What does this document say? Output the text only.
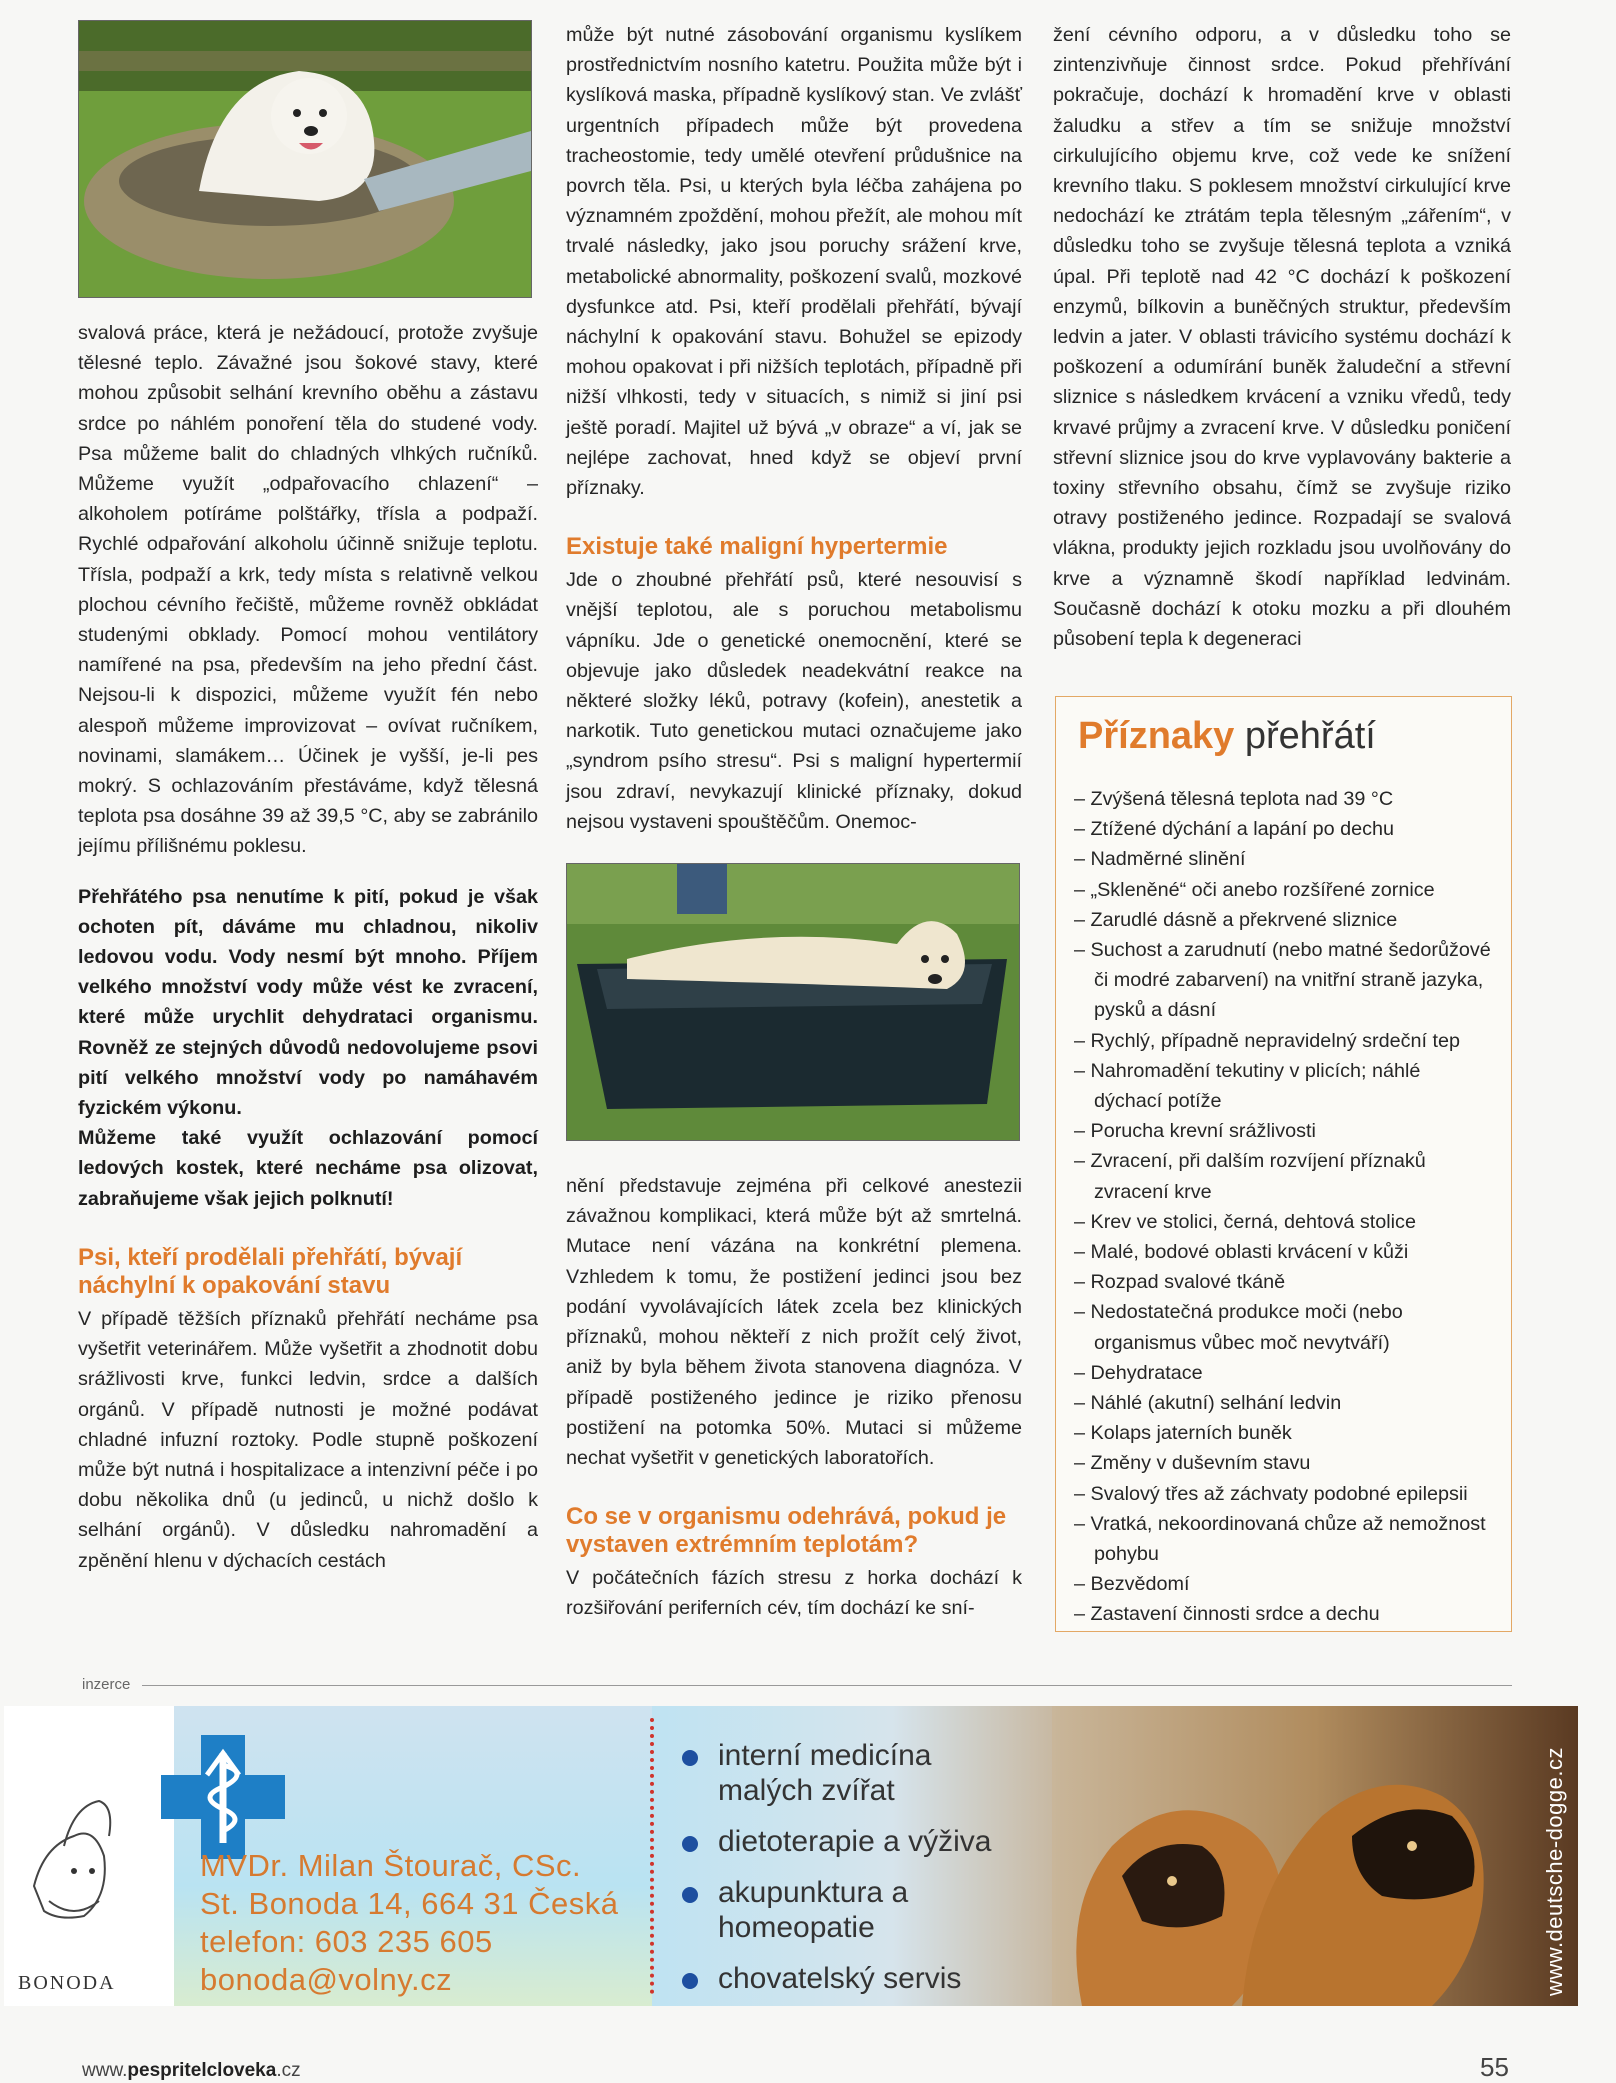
svalová práce, která je nežádoucí, protože zvyšuje tělesné teplo. Závažné jsou šokové stavy, které mohou způsobit selhání krevního oběhu a zástavu srdce po náhlém ponoření těla do studené vody. Psa můžeme balit do chladných vlhkých ručníků. Můžeme využít „odpařovacího chlazení“ – alkoholem potíráme polštářky, třísla a podpaží. Rychlé odpařování alkoholu účinně snižuje teplotu. Třísla, podpaží a krk, tedy místa s relativně velkou plochou cévního řečiště, můžeme rovněž obkládat studenými obklady. Pomocí mohou ventilátory namířené na psa, především na jeho přední část. Nejsou-li k dispozici, můžeme využít fén nebo alespoň můžeme improvizovat – ovívat ručníkem, novinami, slamákem… Účinek je vyšší, je-li pes mokrý. S ochlazováním přestáváme, když tělesná teplota psa dosáhne 39 až 39,5 °C, aby se zabránilo jejímu přílišnému poklesu.

Přehřátého psa nenutíme k pití, pokud je však ochoten pít, dáváme mu chladnou, nikoliv ledovou vodu. Vody nesmí být mnoho. Příjem velkého množství vody může vést ke zvracení, které může urychlit dehydrataci organismu. Rovněž ze stejných důvodů nedovolujeme psovi pití velkého množství vody po namáhavém fyzickém výkonu.

Můžeme také využít ochlazování pomocí ledových kostek, které necháme psa olizovat, zabraňujeme však jejich polknutí!

Psi, kteří prodělali přehřátí, bývají náchylní k opakování stavu

V případě těžších příznaků přehřátí necháme psa vyšetřit veterinářem. Může vyšetřit a zhodnotit dobu srážlivosti krve, funkci ledvin, srdce a dalších orgánů. V případě nutnosti je možné podávat chladné infuzní roztoky. Podle stupně poškození může být nutná i hospitalizace a intenzivní péče i po dobu několika dnů (u jedinců, u nichž došlo k selhání orgánů). V důsledku nahromadění a zpěnění hlenu v dýchacích cestách

může být nutné zásobování organismu kyslíkem prostřednictvím nosního katetru. Použita může být i kyslíková maska, případně kyslíkový stan. Ve zvlášť urgentních případech může být provedena tracheostomie, tedy umělé otevření průdušnice na povrch těla. Psi, u kterých byla léčba zahájena po významném zpoždění, mohou přežít, ale mohou mít trvalé následky, jako jsou poruchy srážení krve, metabolické abnormality, poškození svalů, mozkové dysfunkce atd. Psi, kteří prodělali přehřátí, bývají náchylní k opakování stavu. Bohužel se epizody mohou opakovat i při nižších teplotách, případně při nižší vlhkosti, tedy v situacích, s nimiž si jiní psi ještě poradí. Majitel už bývá „v obraze“ a ví, jak se nejlépe zachovat, hned když se objeví první příznaky.

Existuje také maligní hypertermie

Jde o zhoubné přehřátí psů, které nesouvisí s vnější teplotou, ale s poruchou metabolismu vápníku. Jde o genetické onemocnění, které se objevuje jako důsledek neadekvátní reakce na některé složky léků, potravy (kofein), anestetik a narkotik. Tuto genetickou mutaci označujeme jako „syndrom psího stresu“. Psi s maligní hypertermií jsou zdraví, nevykazují klinické příznaky, dokud nejsou vystaveni spouštěčům. Onemoc-

nění představuje zejména při celkové anestezii závažnou komplikaci, která může být až smrtelná. Mutace není vázána na konkrétní plemena. Vzhledem k tomu, že postižení jedinci jsou bez podání vyvolávajících látek zcela bez klinických příznaků, mohou někteří z nich prožít celý život, aniž by byla během života stanovena diagnóza. V případě postiženého jedince je riziko přenosu postižení na potomka 50%. Mutaci si můžeme nechat vyšetřit v genetických laboratořích.

Co se v organismu odehrává, pokud je vystaven extrémním teplotám?

V počátečních fázích stresu z horka dochází k rozšiřování periferních cév, tím dochází ke sní-

žení cévního odporu, a v důsledku toho se zintenzivňuje činnost srdce. Pokud přehřívání pokračuje, dochází k hromadění krve v oblasti žaludku a střev a tím se snižuje množství cirkulujícího objemu krve, což vede ke snížení krevního tlaku. S poklesem množství cirkulující krve nedochází ke ztrátám tepla tělesným „zářením“, v důsledku toho se zvyšuje tělesná teplota a vzniká úpal. Při teplotě nad 42 °C dochází k poškození enzymů, bílkovin a buněčných struktur, především ledvin a jater. V oblasti trávicího systému dochází k poškození a odumírání buněk žaludeční a střevní sliznice s následkem krvácení a vzniku vředů, tedy krvavé průjmy a zvracení krve. V důsledku poničení střevní sliznice jsou do krve vyplavovány bakterie a toxiny střevního obsahu, čímž se zvyšuje riziko otravy postiženého jedince. Rozpadají se svalová vlákna, produkty jejich rozkladu jsou uvolňovány do krve a významně škodí například ledvinám. Současně dochází k otoku mozku a při dlouhém působení tepla k degeneraci

Příznaky přehřátí
– Zvýšená tělesná teplota nad 39 °C
– Ztížené dýchání a lapání po dechu
– Nadměrné slinění
– „Skleněné“ oči anebo rozšířené zornice
– Zarudlé dásně a překrvené sliznice
– Suchost a zarudnutí (nebo matné šedorůžové či modré zabarvení) na vnitřní straně jazyka, pysků a dásní
– Rychlý, případně nepravidelný srdeční tep
– Nahromadění tekutiny v plicích; náhlé dýchací potíže
– Porucha krevní srážlivosti
– Zvracení, při dalším rozvíjení příznaků zvracení krve
– Krev ve stolici, černá, dehtová stolice
– Malé, bodové oblasti krvácení v kůži
– Rozpad svalové tkáně
– Nedostatečná produkce moči (nebo organismus vůbec moč nevytváří)
– Dehydratace
– Náhlé (akutní) selhání ledvin
– Kolaps jaterních buněk
– Změny v duševním stavu
– Svalový třes až záchvaty podobné epilepsii
– Vratká, nekoordinovaná chůze až nemožnost pohybu
– Bezvědomí
– Zastavení činnosti srdce a dechu
inzerce
BONODA
MVDr. Milan Štourač, CSc.
St. Bonoda 14, 664 31 Česká
telefon: 603 235 605
bonoda@volny.cz
interní medicína malých zvířat
dietoterapie a výživa
akupunktura a homeopatie
chovatelský servis	www.deutsche-dogge.cz
www.pespritelcloveka.cz	55
